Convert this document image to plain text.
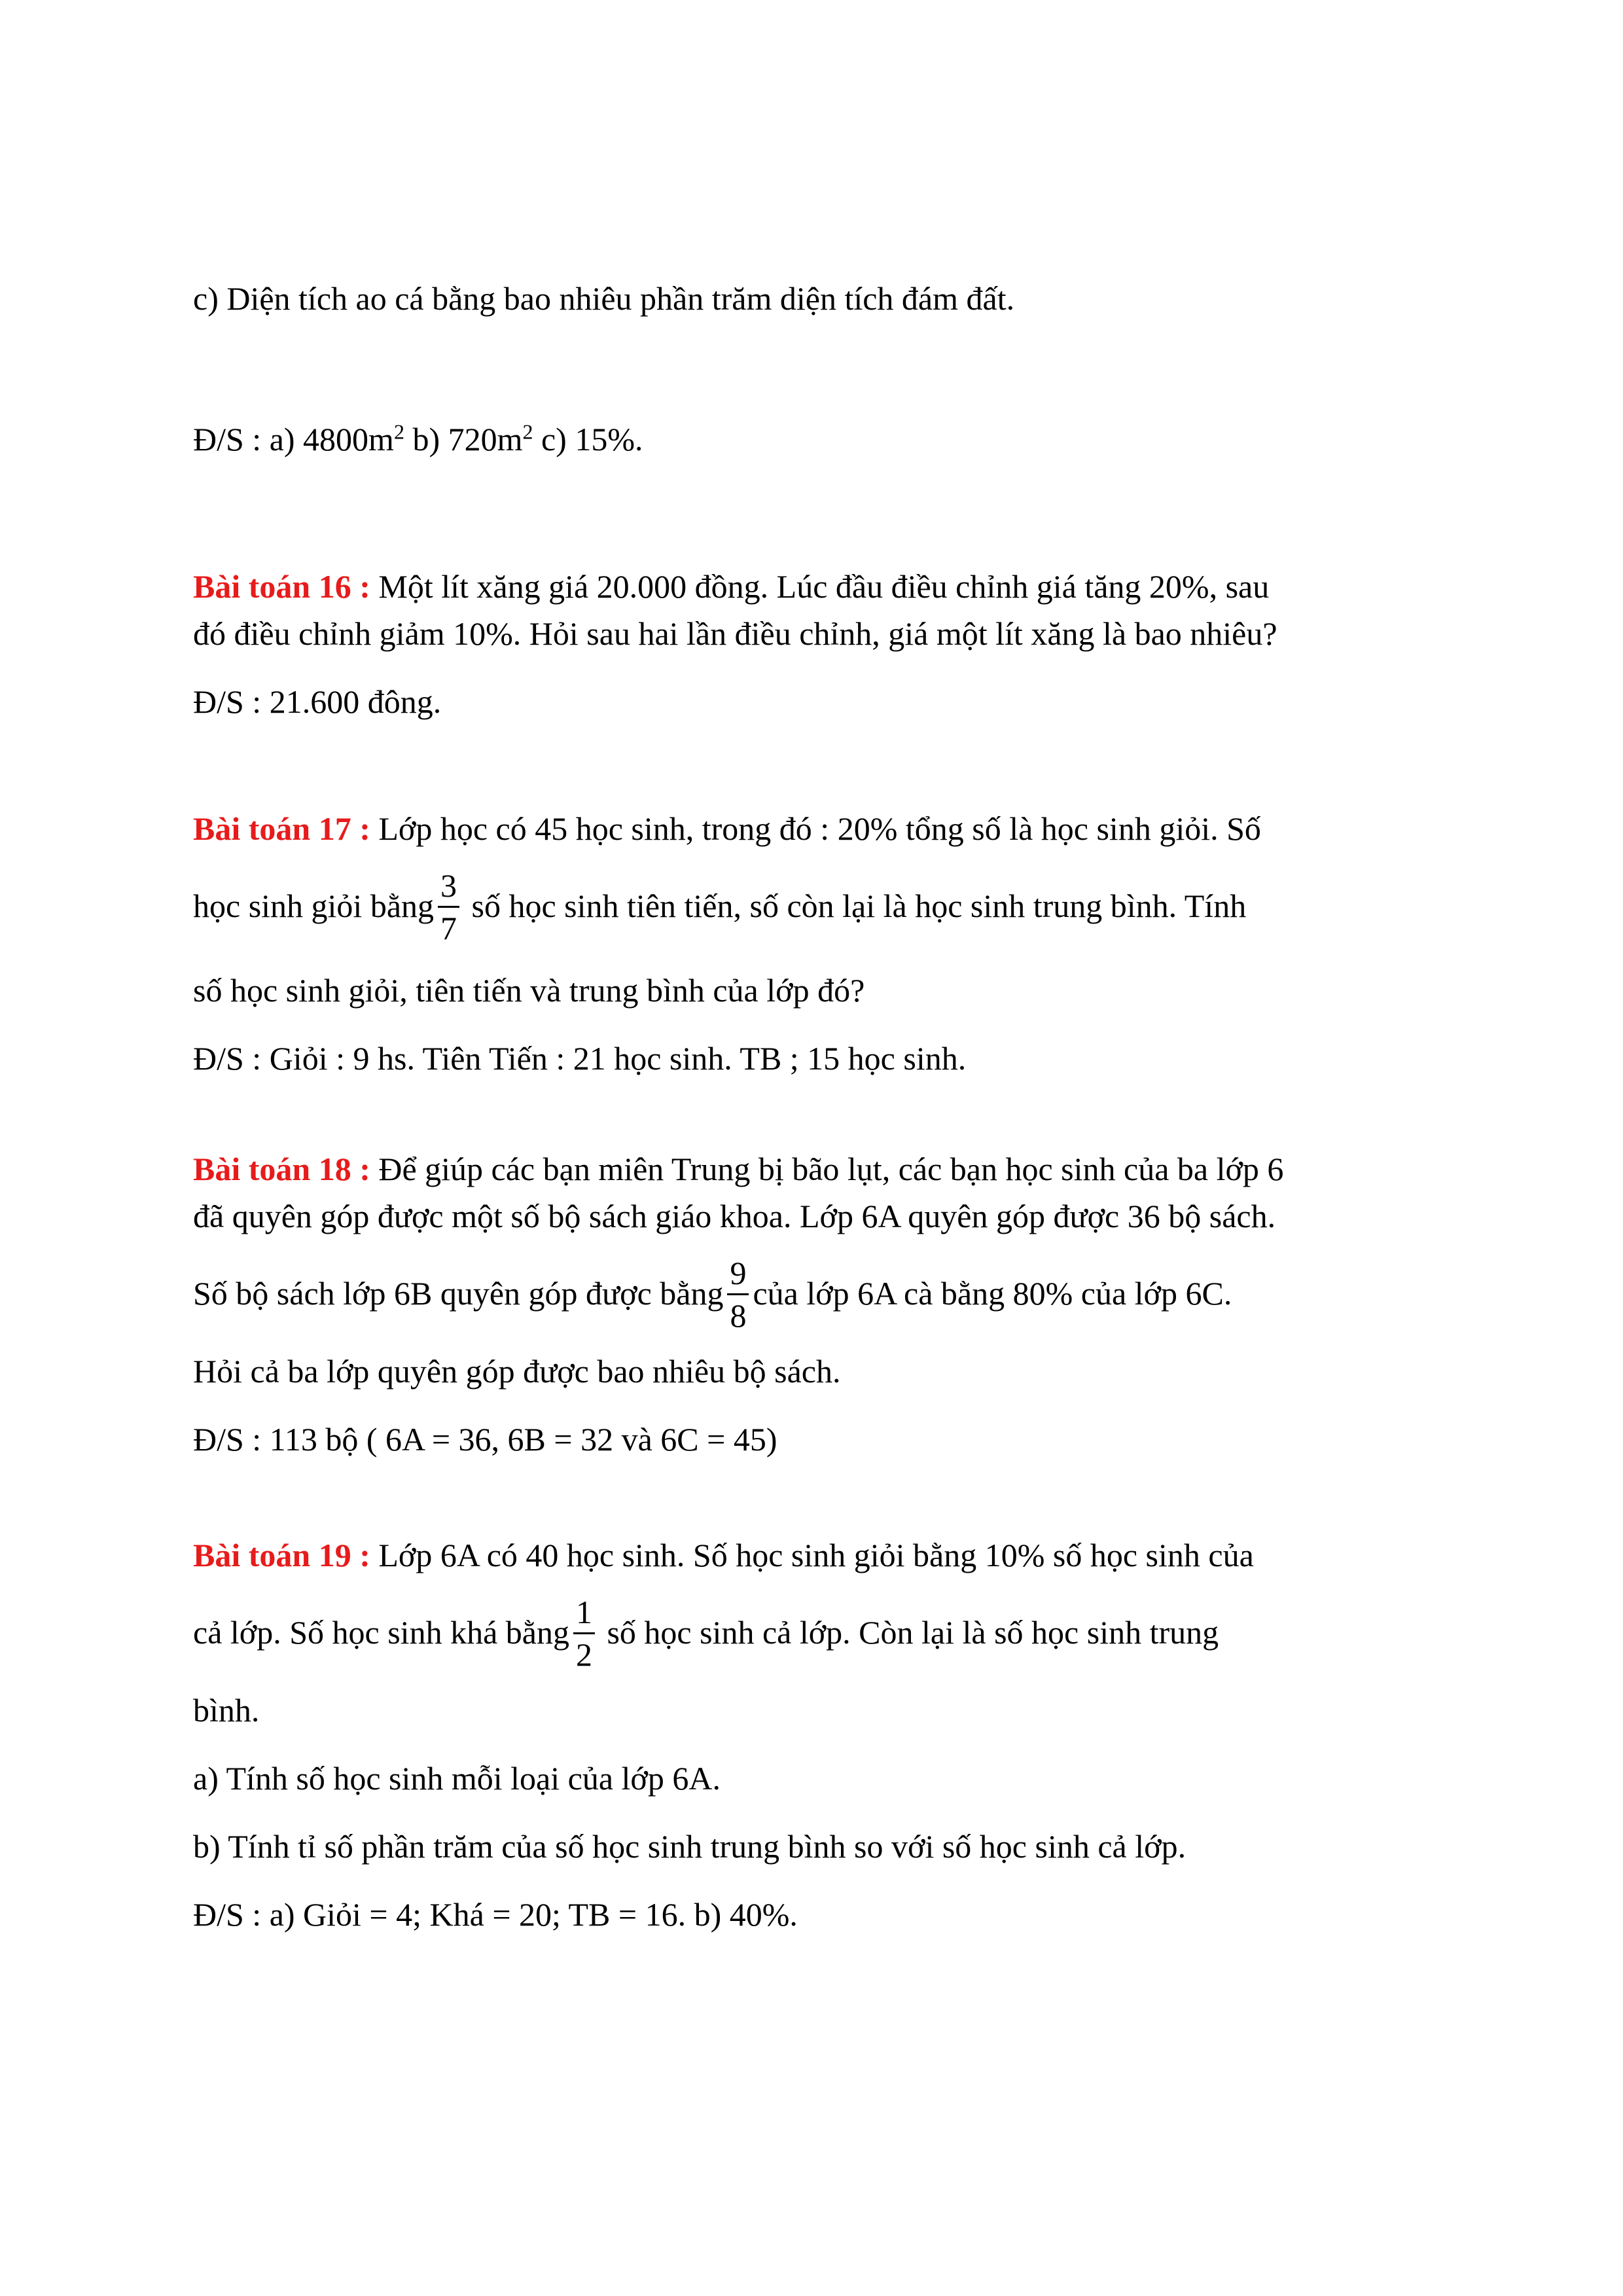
c) Diện tích ao cá bằng bao nhiêu phần trăm diện tích đám đất.

Đ/S : a) $4800m^2$ b) $720m^2$ c) 15%.

Bài toán 16 : Một lít xăng giá 20.000 đồng. Lúc đầu điều chỉnh giá tăng 20%, sau

đó điều chỉnh giảm 10%. Hỏi sau hai lần điều chỉnh, giá một lít xăng là bao nhiêu?

Đ/S : 21.600 đông.

Bài toán 17 : Lớp học có 45 học sinh, trong đó : 20% tổng số là học sinh giỏi. Số

học sinh giỏi bằng $\frac{3}{7}$ số học sinh tiên tiến, số còn lại là học sinh trung bình. Tính

số học sinh giỏi, tiên tiến và trung bình của lớp đó?

Đ/S : Giỏi : 9 hs. Tiên Tiến : 21 học sinh. TB ; 15 học sinh.

Bài toán 18 : Để giúp các bạn miên Trung bị bão lụt, các bạn học sinh của ba lớp 6

đã quyên góp được một số bộ sách giáo khoa. Lớp 6A quyên góp được 36 bộ sách.

Số bộ sách lớp 6B quyên góp được bằng $\frac{9}{8}$ của lớp 6A cà bằng 80% của lớp 6C.

Hỏi cả ba lớp quyên góp được bao nhiêu bộ sách.

Đ/S : 113 bộ ( 6A = 36, 6B = 32 và 6C = 45)

Bài toán 19 : Lớp 6A có 40 học sinh. Số học sinh giỏi bằng 10% số học sinh của

cả lớp. Số học sinh khá bằng $\frac{1}{2}$ số học sinh cả lớp. Còn lại là số học sinh trung

bình.

a) Tính số học sinh mỗi loại của lớp 6A.

b) Tính tỉ số phần trăm của số học sinh trung bình so với số học sinh cả lớp.

Đ/S : a) Giỏi = 4; Khá = 20; TB = 16. b) 40%.
